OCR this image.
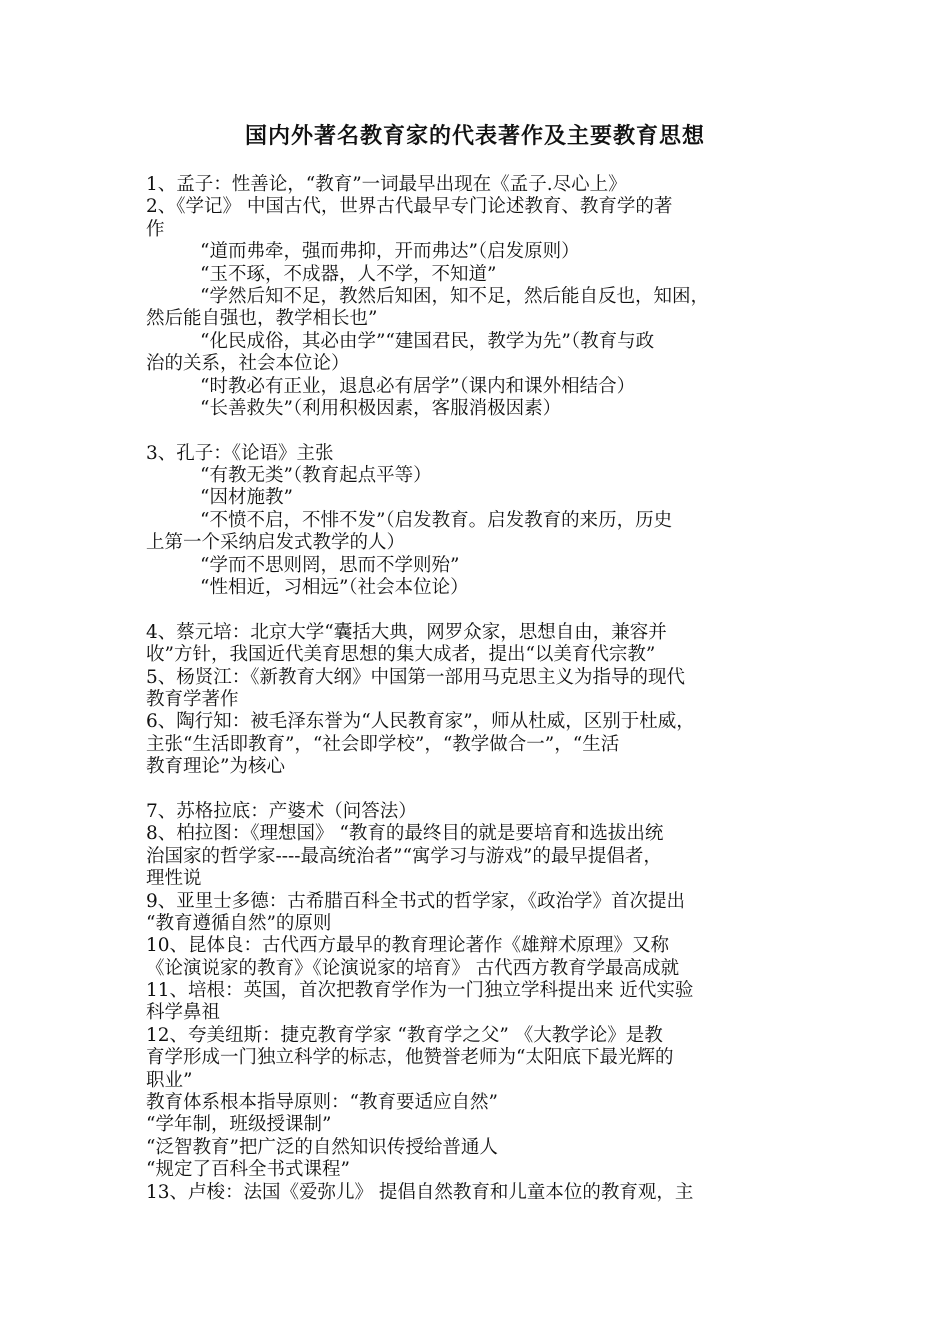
国内外著名教育家的代表著作及主要教育思想
1、孟子：性善论，“教育”一词最早出现在《孟子.尽心上》
2、《学记》 中国古代，世界古代最早专门论述教育、教育学的著
作
“道而弗牵，强而弗抑，开而弗达”（启发原则）
“玉不琢，不成器，人不学，不知道”
“学然后知不足，教然后知困，知不足，然后能自反也，知困，
然后能自强也，教学相长也”
“化民成俗，其必由学”“建国君民，教学为先”（教育与政
治的关系，社会本位论）
“时教必有正业，退息必有居学”（课内和课外相结合）
“长善救失”（利用积极因素，客服消极因素）
3、孔子：《论语》主张
“有教无类”（教育起点平等）
“因材施教”
“不愤不启，不悱不发”（启发教育。启发教育的来历，历史
上第一个采纳启发式教学的人）
“学而不思则罔，思而不学则殆”
“性相近，习相远”（社会本位论）
4、蔡元培：北京大学“囊括大典，网罗众家，思想自由，兼容并
收”方针，我国近代美育思想的集大成者，提出“以美育代宗教”
5、杨贤江：《新教育大纲》中国第一部用马克思主义为指导的现代
教育学著作
6、陶行知：被毛泽东誉为“人民教育家”，师从杜威，区别于杜威，
主张“生活即教育”，“社会即学校”，“教学做合一”，“生活
教育理论”为核心
7、苏格拉底：产婆术（问答法）
8、柏拉图：《理想国》 “教育的最终目的就是要培育和选拔出统
治国家的哲学家----最高统治者”“寓学习与游戏”的最早提倡者，
理性说
9、亚里士多德：古希腊百科全书式的哲学家，《政治学》首次提出
“教育遵循自然”的原则
10、昆体良：古代西方最早的教育理论著作《雄辩术原理》又称
《论演说家的教育》《论演说家的培育》 古代西方教育学最高成就
11、培根：英国，首次把教育学作为一门独立学科提出来 近代实验
科学鼻祖
12、夸美纽斯：捷克教育学家 “教育学之父” 《大教学论》是教
育学形成一门独立科学的标志，他赞誉老师为“太阳底下最光辉的
职业”
教育体系根本指导原则：“教育要适应自然”
“学年制，班级授课制”
“泛智教育”把广泛的自然知识传授给普通人
“规定了百科全书式课程”
13、卢梭：法国《爱弥儿》 提倡自然教育和儿童本位的教育观，主
